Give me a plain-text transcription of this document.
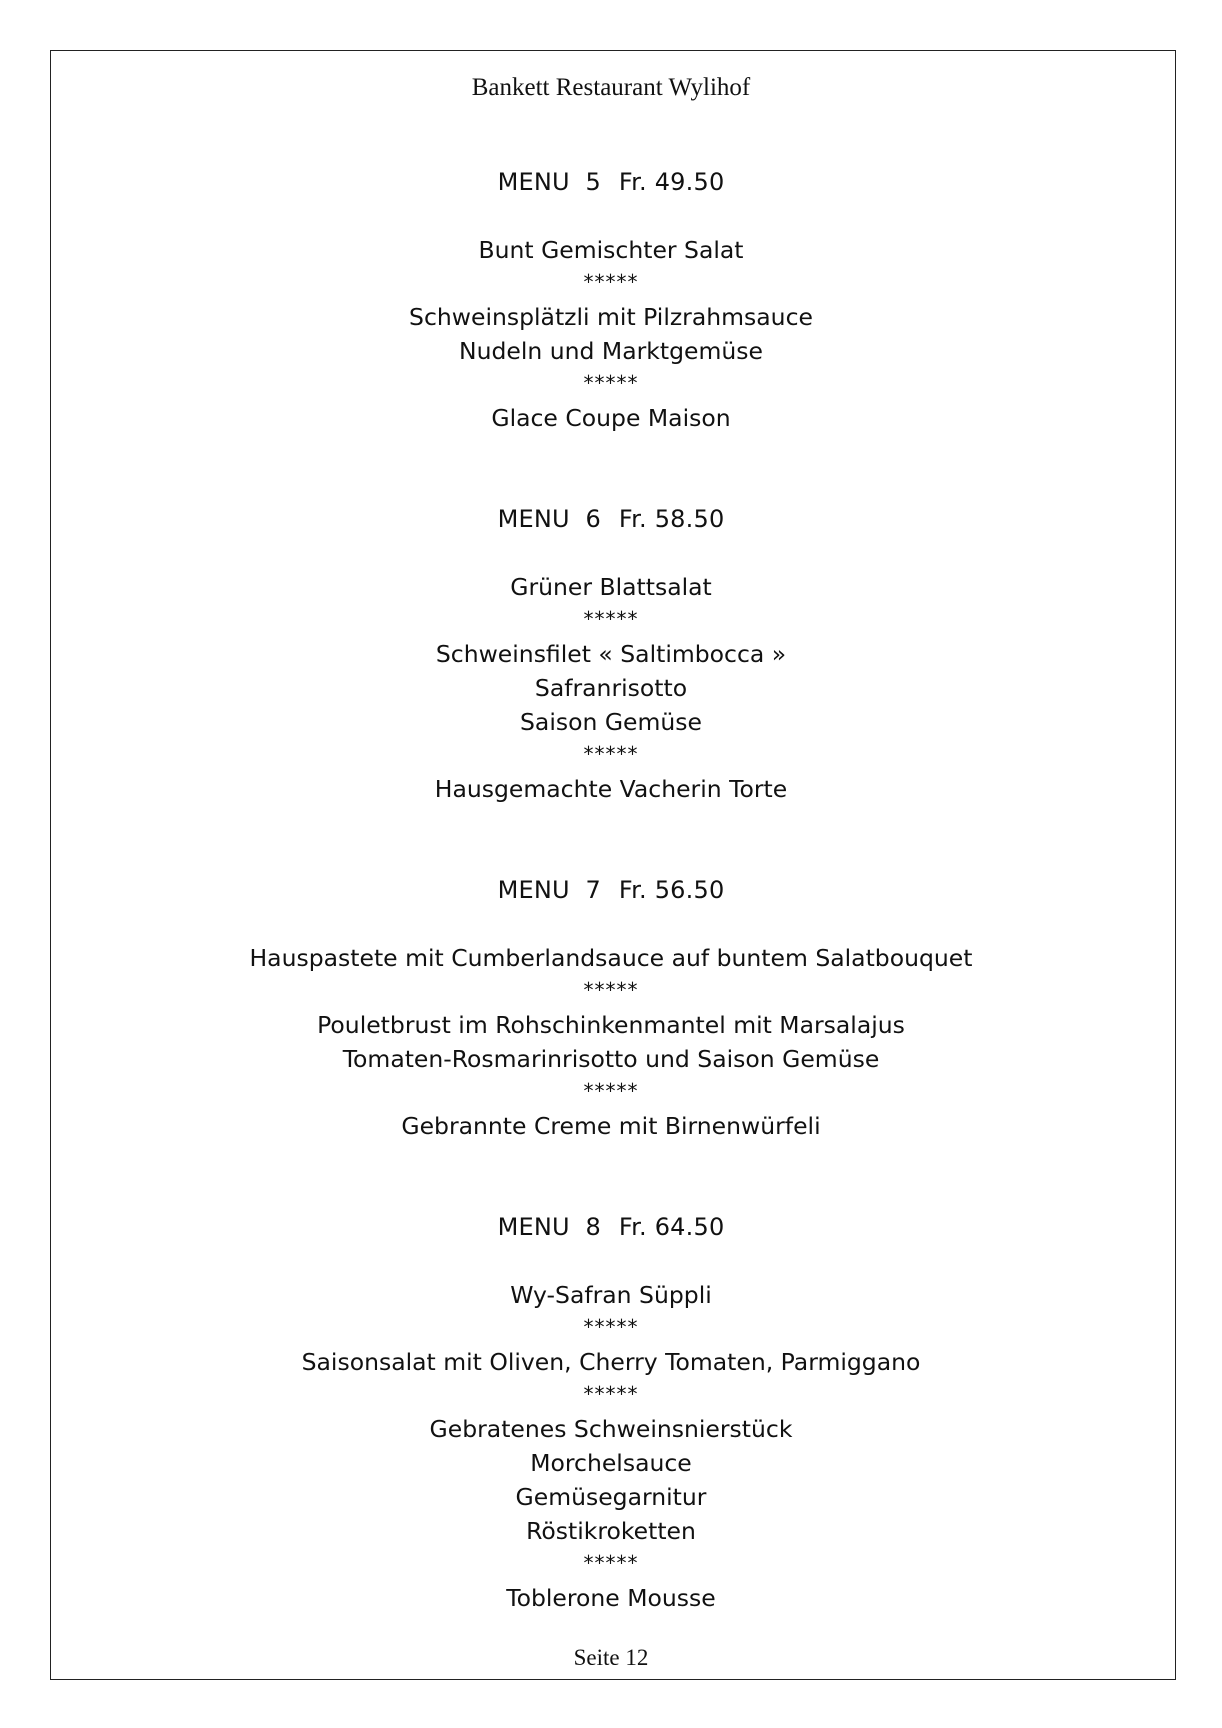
Bankett Restaurant Wylihof
MENU 5 Fr. 49.50
Bunt Gemischter Salat
*****
Schweinsplätzli mit Pilzrahmsauce
Nudeln und Marktgemüse
*****
Glace Coupe Maison
MENU 6 Fr. 58.50
Grüner Blattsalat
*****
Schweinsfilet « Saltimbocca »
Safranrisotto
Saison Gemüse
*****
Hausgemachte Vacherin Torte
MENU 7 Fr. 56.50
Hauspastete mit Cumberlandsauce auf buntem Salatbouquet
*****
Pouletbrust im Rohschinkenmantel mit Marsalajus
Tomaten-Rosmarinrisotto und Saison Gemüse
*****
Gebrannte Creme mit Birnenwürfeli
MENU 8 Fr. 64.50
Wy-Safran Süppli
*****
Saisonsalat mit Oliven, Cherry Tomaten, Parmiggano
*****
Gebratenes Schweinsnierstück
Morchelsauce
Gemüsegarnitur
Röstikroketten
*****
Toblerone Mousse
Seite 12
